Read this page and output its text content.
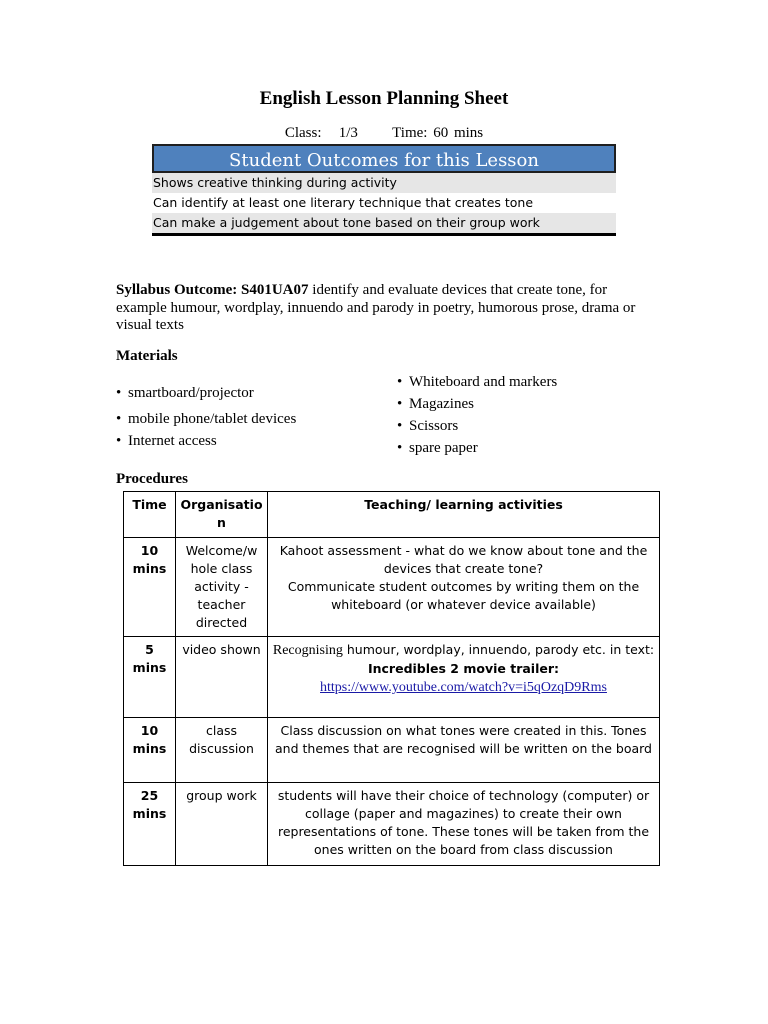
English Lesson Planning Sheet
Class: 1/3 Time: 60 mins
Student Outcomes for this Lesson
Shows creative thinking during activity
Can identify at least one literary technique that creates tone
Can make a judgement about tone based on their group work
Syllabus Outcome: S401UA07 identify and evaluate devices that create tone, for example humour, wordplay, innuendo and parody in poetry, humorous prose, drama or visual texts
Materials
• smartboard/projector
• mobile phone/tablet devices
• Internet access
• Whiteboard and markers
• Magazines
• Scissors
• spare paper
Procedures
Time	Organisatio n	Teaching/ learning activities
10 mins	Welcome/w hole class activity - teacher directed	Kahoot assessment - what do we know about tone and the devices that create tone?
Communicate student outcomes by writing them on the whiteboard (or whatever device available)

5 mins	video shown	Recognising humour, wordplay, innuendo, parody etc. in text:
Incredibles 2 movie trailer:
https://www.youtube.com/watch?v=i5qOzqD9Rms

10 mins	class discussion	Class discussion on what tones were created in this. Tones and themes that are recognised will be written on the board
25 mins	group work	students will have their choice of technology (computer) or collage (paper and magazines) to create their own representations of tone. These tones will be taken from the ones written on the board from class discussion
